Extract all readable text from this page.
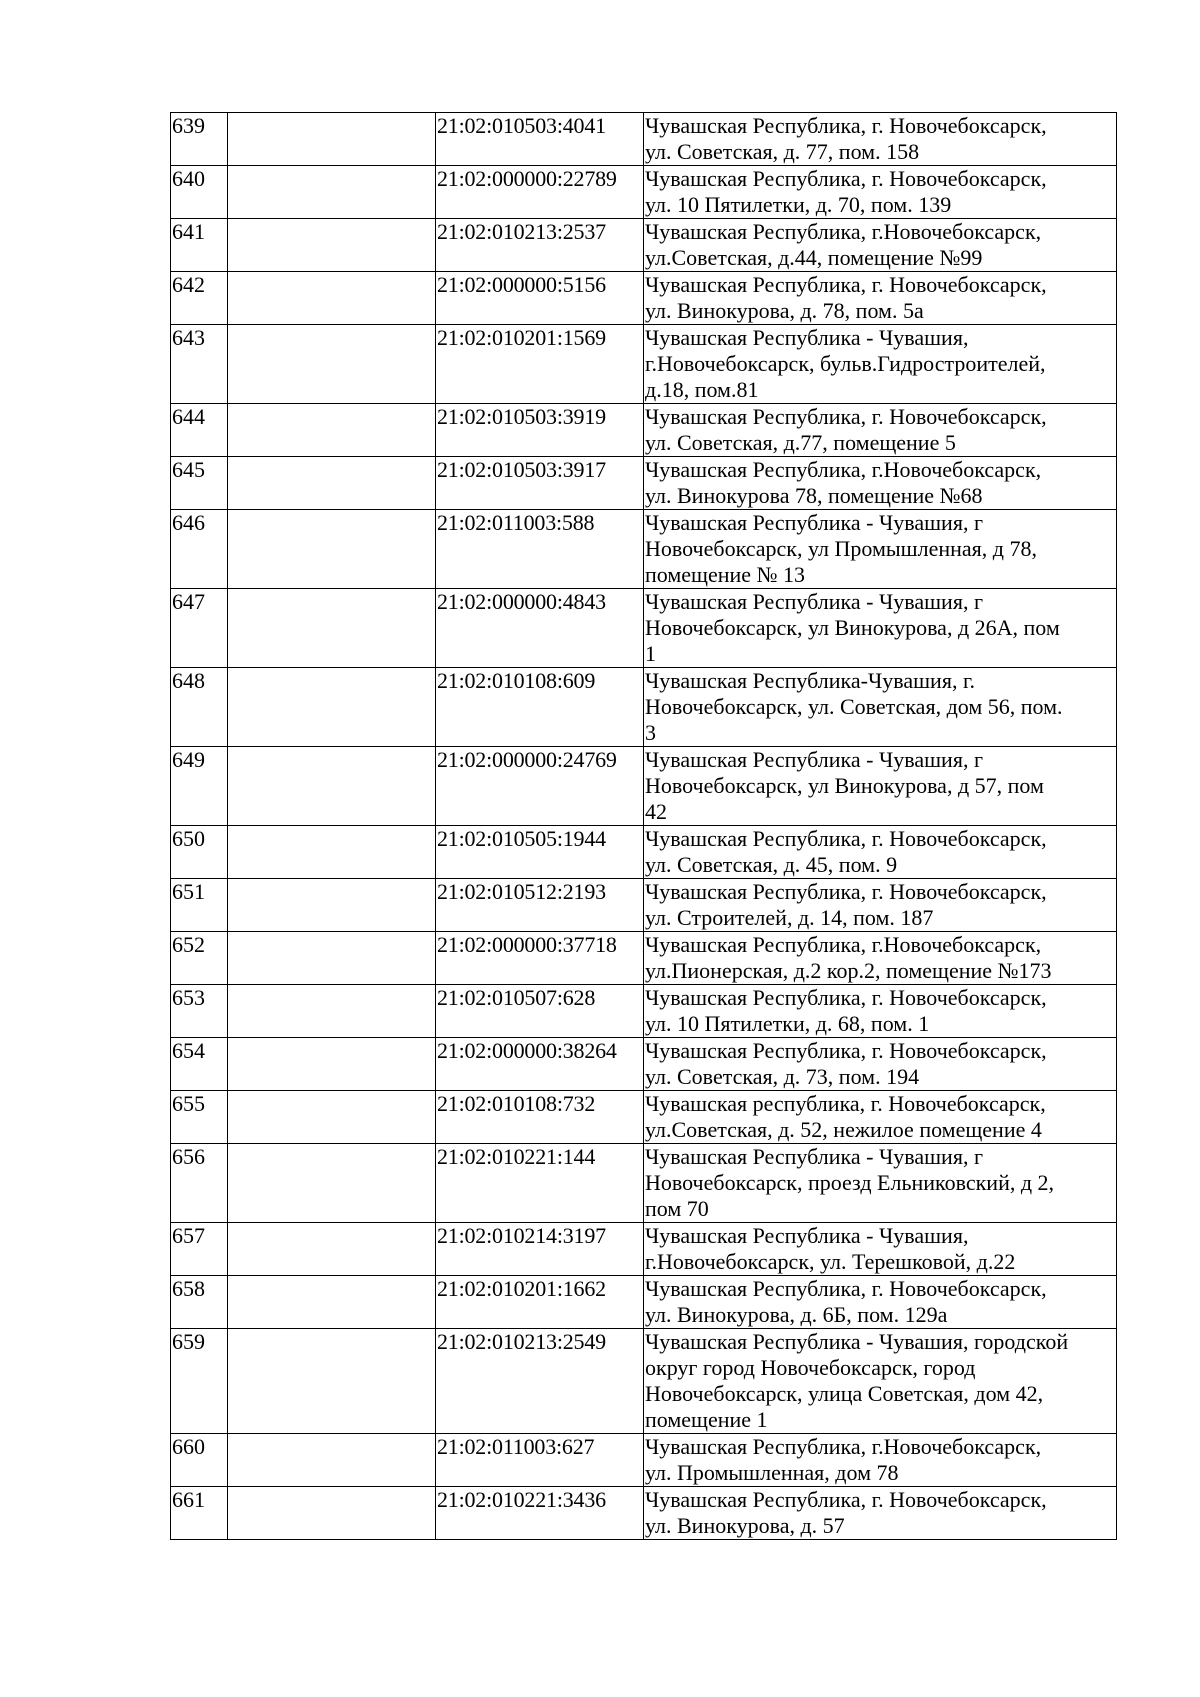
639		21:02:010503:4041	Чувашская Республика, г. Новочебоксарск,
ул. Советская, д. 77, пом. 158
640		21:02:000000:22789	Чувашская Республика, г. Новочебоксарск,
ул. 10 Пятилетки, д. 70, пом. 139
641		21:02:010213:2537	Чувашская Республика, г.Новочебоксарск,
ул.Советская, д.44, помещение №99
642		21:02:000000:5156	Чувашская Республика, г. Новочебоксарск,
ул. Винокурова, д. 78, пом. 5а
643		21:02:010201:1569	Чувашская Республика - Чувашия,
г.Новочебоксарск, бульв.Гидростроителей,
д.18, пом.81
644		21:02:010503:3919	Чувашская Республика, г. Новочебоксарск,
ул. Советская, д.77, помещение 5
645		21:02:010503:3917	Чувашская Республика, г.Новочебоксарск,
ул. Винокурова 78, помещение №68
646		21:02:011003:588	Чувашская Республика - Чувашия, г
Новочебоксарск, ул Промышленная, д 78,
помещение № 13
647		21:02:000000:4843	Чувашская Республика - Чувашия, г
Новочебоксарск, ул Винокурова, д 26А, пом
1
648		21:02:010108:609	Чувашская Республика-Чувашия, г.
Новочебоксарск, ул. Советская, дом 56, пом.
3
649		21:02:000000:24769	Чувашская Республика - Чувашия, г
Новочебоксарск, ул Винокурова, д 57, пом
42
650		21:02:010505:1944	Чувашская Республика, г. Новочебоксарск,
ул. Советская, д. 45, пом. 9
651		21:02:010512:2193	Чувашская Республика, г. Новочебоксарск,
ул. Строителей, д. 14, пом. 187
652		21:02:000000:37718	Чувашская Республика, г.Новочебоксарск,
ул.Пионерская, д.2 кор.2, помещение №173
653		21:02:010507:628	Чувашская Республика, г. Новочебоксарск,
ул. 10 Пятилетки, д. 68, пом. 1
654		21:02:000000:38264	Чувашская Республика, г. Новочебоксарск,
ул. Советская, д. 73, пом. 194
655		21:02:010108:732	Чувашская республика, г. Новочебоксарск,
ул.Советская, д. 52, нежилое помещение 4
656		21:02:010221:144	Чувашская Республика - Чувашия, г
Новочебоксарск, проезд Ельниковский, д 2,
пом 70
657		21:02:010214:3197	Чувашская Республика - Чувашия,
г.Новочебоксарск, ул. Терешковой, д.22
658		21:02:010201:1662	Чувашская Республика, г. Новочебоксарск,
ул. Винокурова, д. 6Б, пом. 129а
659		21:02:010213:2549	Чувашская Республика - Чувашия, городской
округ город Новочебоксарск, город
Новочебоксарск, улица Советская, дом 42,
помещение 1
660		21:02:011003:627	Чувашская Республика, г.Новочебоксарск,
ул. Промышленная, дом 78
661		21:02:010221:3436	Чувашская Республика, г. Новочебоксарск,
ул. Винокурова, д. 57
